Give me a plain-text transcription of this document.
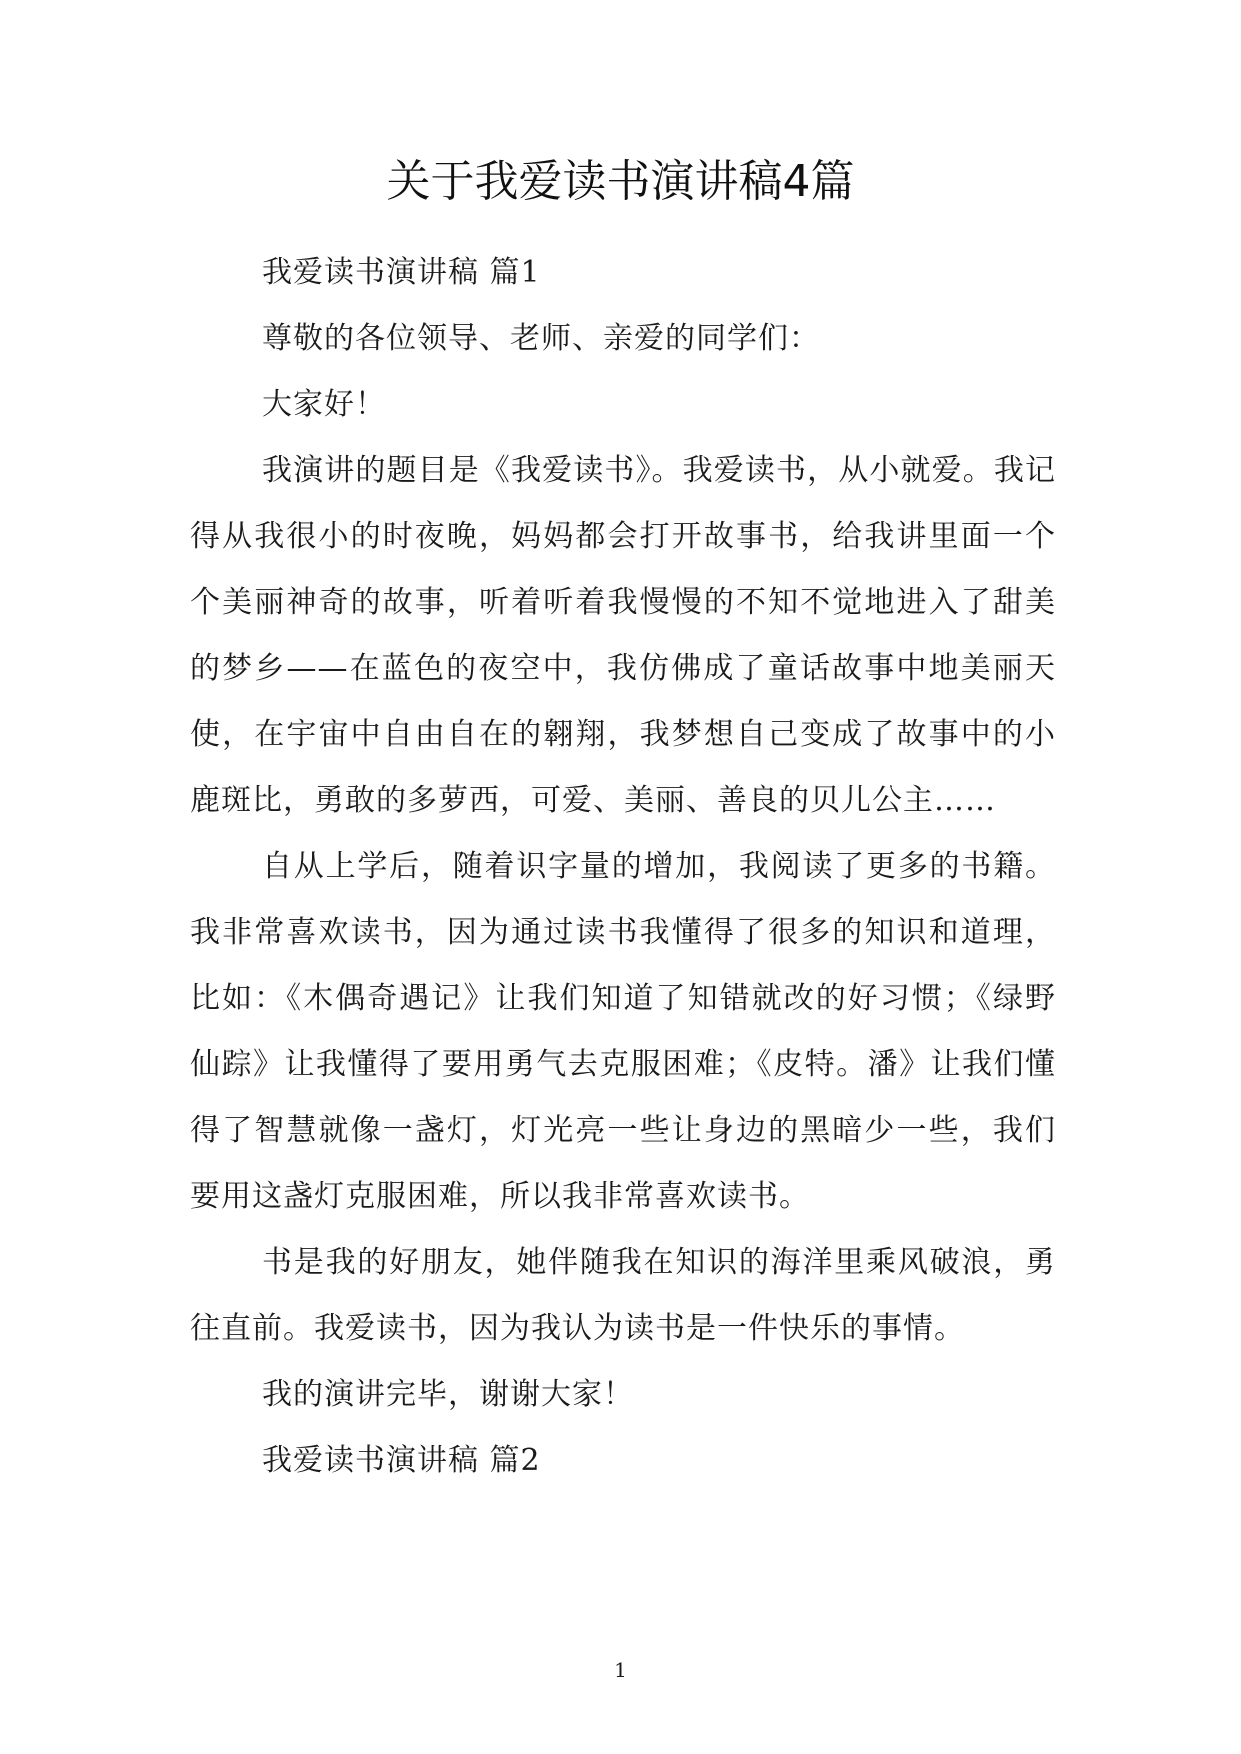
关于我爱读书演讲稿4篇

我爱读书演讲稿 篇1

尊敬的各位领导、老师、亲爱的同学们：

大家好！

我演讲的题目是《我爱读书》。我爱读书，从小就爱。我记得从我很小的时夜晚，妈妈都会打开故事书，给我讲里面一个个美丽神奇的故事，听着听着我慢慢的不知不觉地进入了甜美的梦乡——在蓝色的夜空中，我仿佛成了童话故事中地美丽天使，在宇宙中自由自在的翱翔，我梦想自己变成了故事中的小鹿斑比，勇敢的多萝西，可爱、美丽、善良的贝儿公主……

自从上学后，随着识字量的增加，我阅读了更多的书籍。我非常喜欢读书，因为通过读书我懂得了很多的知识和道理，比如：《木偶奇遇记》让我们知道了知错就改的好习惯；《绿野仙踪》让我懂得了要用勇气去克服困难；《皮特。潘》让我们懂得了智慧就像一盏灯，灯光亮一些让身边的黑暗少一些，我们要用这盏灯克服困难，所以我非常喜欢读书。

书是我的好朋友，她伴随我在知识的海洋里乘风破浪，勇往直前。我爱读书，因为我认为读书是一件快乐的事情。

我的演讲完毕，谢谢大家！

我爱读书演讲稿 篇2

1
